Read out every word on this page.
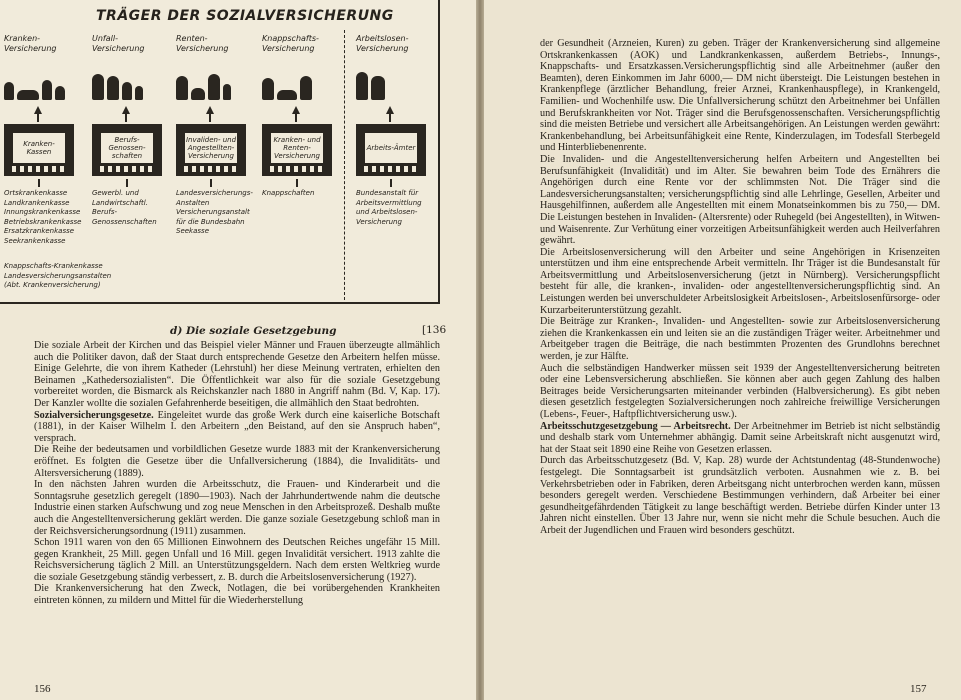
TRÄGER DER SOZIALVERSICHERUNG
Kranken-
Versicherung
Kranken-
Kassen
Ortskrankenkasse
Landkrankenkasse
Innungskrankenkasse
Betriebskrankenkasse
Ersatzkrankenkasse
Seekrankenkasse
Unfall-
Versicherung
Berufs-
Genossen-
schaften
Gewerbl. und
Landwirtschaftl.
Berufs-
Genossenschaften
Renten-
Versicherung
Invaliden- und
Angestellten-
Versicherung
Landesversicherungs-
Anstalten
Versicherungsanstalt
für die Bundesbahn
Seekasse
Knappschafts-
Versicherung
Kranken- und
Renten-
Versicherung
Knappschaften
Arbeitslosen-
Versicherung
Arbeits-Ämter
Bundesanstalt für
Arbeitsvermittlung
und Arbeitslosen-
Versicherung
Knappschafts-Krankenkasse
Landesversicherungsanstalten
(Abt. Krankenversicherung)
d) Die soziale Gesetzgebung	[136

Die soziale Arbeit der Kirchen und das Beispiel vieler Männer und Frauen überzeugte allmählich auch die Politiker davon, daß der Staat durch entsprechende Gesetze den Arbeitern helfen müsse. Einige Gelehrte, die von ihrem Katheder (Lehrstuhl) her diese Meinung vertraten, erhielten den Beinamen „Kathedersozialisten“. Die Öffentlichkeit war also für die soziale Gesetzgebung vorbereitet worden, die Bismarck als Reichskanzler nach 1880 in Angriff nahm (Bd. V, Kap. 17). Der Kanzler wollte die sozialen Gefahrenherde beseitigen, die allmählich den Staat bedrohten.

Sozialversicherungsgesetze. Eingeleitet wurde das große Werk durch eine kaiserliche Botschaft (1881), in der Kaiser Wilhelm I. den Arbeitern „den Beistand, auf den sie Anspruch haben“, versprach.

Die Reihe der bedeutsamen und vorbildlichen Gesetze wurde 1883 mit der Krankenversicherung eröffnet. Es folgten die Gesetze über die Unfallversicherung (1884), die Invaliditäts- und Altersversicherung (1889).

In den nächsten Jahren wurden die Arbeitsschutz, die Frauen- und Kinderarbeit und die Sonntagsruhe gesetzlich geregelt (1890—1903). Nach der Jahrhundertwende nahm die deutsche Industrie einen starken Aufschwung und zog neue Menschen in den Arbeitsprozeß. Deshalb mußte auch die Angestelltenversicherung geklärt werden. Die ganze soziale Gesetzgebung schloß man in der Reichsversicherungsordnung (1911) zusammen.

Schon 1911 waren von den 65 Millionen Einwohnern des Deutschen Reiches ungefähr 15 Mill. gegen Krankheit, 25 Mill. gegen Unfall und 16 Mill. gegen Invalidität versichert. 1913 zahlte die Reichsversicherung täglich 2 Mill. an Unterstützungsgeldern. Nach dem ersten Weltkrieg wurde die soziale Gesetzgebung ständig verbessert, z. B. durch die Arbeitslosenversicherung (1927).

Die Krankenversicherung hat den Zweck, Notlagen, die bei vorübergehenden Krankheiten eintreten können, zu mildern und Mittel für die Wiederherstellung

156

der Gesundheit (Arzneien, Kuren) zu geben. Träger der Krankenversicherung sind allgemeine Ortskrankenkassen (AOK) und Landkrankenkassen, außerdem Betriebs-, Innungs-, Knappschafts- und Ersatzkassen.Versicherungspflichtig sind alle Arbeitnehmer (außer den Beamten), deren Einkommen im Jahr 6000,— DM nicht übersteigt. Die Leistungen bestehen in Krankenpflege (ärztlicher Behandlung, freier Arznei, Krankenhauspflege), in Krankengeld, Familien- und Wochenhilfe usw. Die Unfallversicherung schützt den Arbeitnehmer bei Unfällen und Berufskrankheiten vor Not. Träger sind die Berufsgenossenschaften. Versicherungspflichtig sind die meisten Betriebe und versichert alle Arbeitsangehörigen. An Leistungen werden gewährt: Krankenbehandlung, bei Arbeitsunfähigkeit eine Rente, Kinderzulagen, im Todesfall Sterbegeld und Hinterbliebenenrente.

Die Invaliden- und die Angestelltenversicherung helfen Arbeitern und Angestellten bei Berufsunfähigkeit (Invalidität) und im Alter. Sie bewahren beim Tode des Ernährers die Angehörigen durch eine Rente vor der schlimmsten Not. Die Träger sind die Landesversicherungsanstalten; versicherungspflichtig sind alle Lehrlinge, Gesellen, Arbeiter und Hausgehilfinnen, außerdem alle Angestellten mit einem Monatseinkommen bis zu 750,— DM. Die Leistungen bestehen in Invaliden- (Altersrente) oder Ruhegeld (bei Angestellten), in Witwen- und Waisenrente. Zur Verhütung einer vorzeitigen Arbeitsunfähigkeit werden auch Heilverfahren gewährt.

Die Arbeitslosenversicherung will den Arbeiter und seine Angehörigen in Krisenzeiten unterstützen und ihm eine entsprechende Arbeit vermitteln. Ihr Träger ist die Bundesanstalt für Arbeitsvermittlung und Arbeitslosenversicherung (jetzt in Nürnberg). Versicherungspflicht besteht für alle, die kranken-, invaliden- oder angestelltenversicherungspflichtig sind. An Leistungen werden bei unverschuldeter Arbeitslosigkeit Arbeitslosen-, Arbeitslosenfürsorge- oder Kurzarbeiterunterstützung gezahlt.

Die Beiträge zur Kranken-, Invaliden- und Angestellten- sowie zur Arbeitslosenversicherung ziehen die Krankenkassen ein und leiten sie an die zuständigen Träger weiter. Arbeitnehmer und Arbeitgeber tragen die Beiträge, die nach bestimmten Prozenten des Grundlohns berechnet werden, je zur Hälfte.

Auch die selbständigen Handwerker müssen seit 1939 der Angestelltenversicherung beitreten oder eine Lebensversicherung abschließen. Sie können aber auch gegen Zahlung des halben Beitrages beide Versicherungsarten miteinander verbinden (Halbversicherung). Es gibt neben diesen gesetzlich festgelegten Sozialversicherungen noch zahlreiche freiwillige Versicherungen (Lebens-, Feuer-, Haftpflichtversicherung usw.).

Arbeitsschutzgesetzgebung — Arbeitsrecht. Der Arbeitnehmer im Betrieb ist nicht selbständig und deshalb stark vom Unternehmer abhängig. Damit seine Arbeitskraft nicht ausgenutzt wird, hat der Staat seit 1890 eine Reihe von Gesetzen erlassen.

Durch das Arbeitsschutzgesetz (Bd. V, Kap. 28) wurde der Achtstundentag (48-Stundenwoche) festgelegt. Die Sonntagsarbeit ist grundsätzlich verboten. Ausnahmen wie z. B. bei Verkehrsbetrieben oder in Fabriken, deren Arbeitsgang nicht unterbrochen werden kann, müssen besonders geregelt werden. Verschiedene Bestimmungen verhindern, daß Arbeiter bei einer gesundheitgefährdenden Tätigkeit zu lange beschäftigt werden. Betriebe dürfen Kinder unter 13 Jahren nicht einstellen. Über 13 Jahre nur, wenn sie nicht mehr die Schule besuchen. Auch die Arbeit der Jugendlichen und Frauen wird besonders geschützt.

157
